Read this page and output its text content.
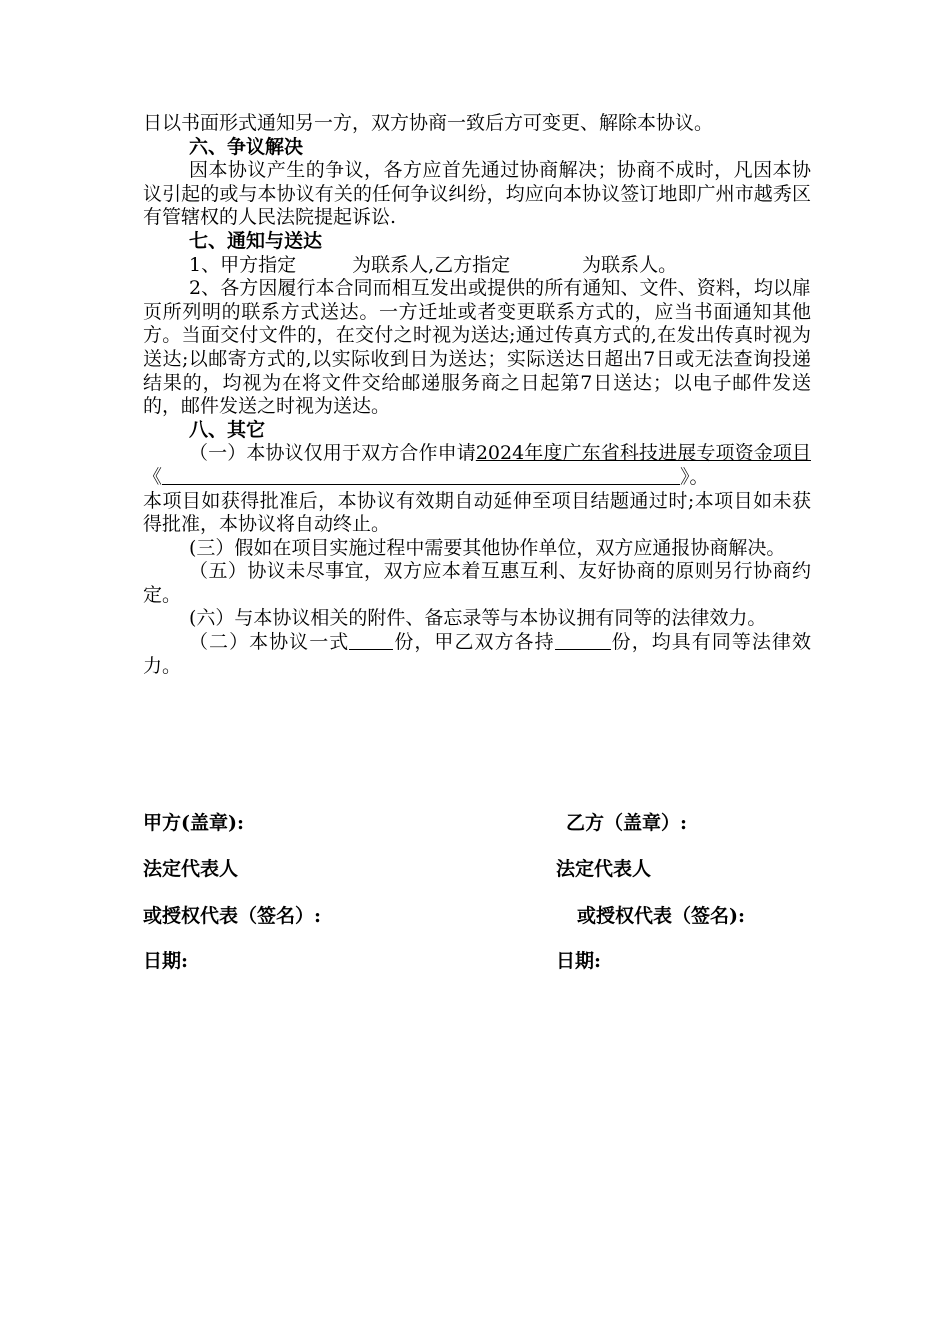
日以书面形式通知另一方，双方协商一致后方可变更、解除本协议。

六、争议解决

因本协议产生的争议，各方应首先通过协商解决；协商不成时，凡因本协议引起的或与本协议有关的任何争议纠纷，均应向本协议签订地即广州市越秀区有管辖权的人民法院提起诉讼.

七、通知与送达

1、甲方指定	为联系人,乙方指定	为联系人。

2、各方因履行本合同而相互发出或提供的所有通知、文件、资料，均以扉页所列明的联系方式送达。一方迁址或者变更联系方式的，应当书面通知其他方。当面交付文件的，在交付之时视为送达;通过传真方式的,在发出传真时视为送达;以邮寄方式的,以实际收到日为送达；实际送达日超出7日或无法查询投递结果的，均视为在将文件交给邮递服务商之日起第7日送达；以电子邮件发送的，邮件发送之时视为送达。

八、其它

（一）本协议仅用于双方合作申请2024年度广东省科技进展专项资金项目《	》。

本项目如获得批准后，本协议有效期自动延伸至项目结题通过时;本项目如未获得批准，本协议将自动终止。

(三）假如在项目实施过程中需要其他协作单位，双方应通报协商解决。

（五）协议未尽事宜，双方应本着互惠互利、友好协商的原则另行协商约定。

(六）与本协议相关的附件、备忘录等与本协议拥有同等的法律效力。

（二）本协议一式 份，甲乙双方各持	份，均具有同等法律效力。

甲方(盖章):	乙方（盖章）:
法定代表人	法定代表人
或授权代表（签名）:	或授权代表（签名):
日期:	日期:
